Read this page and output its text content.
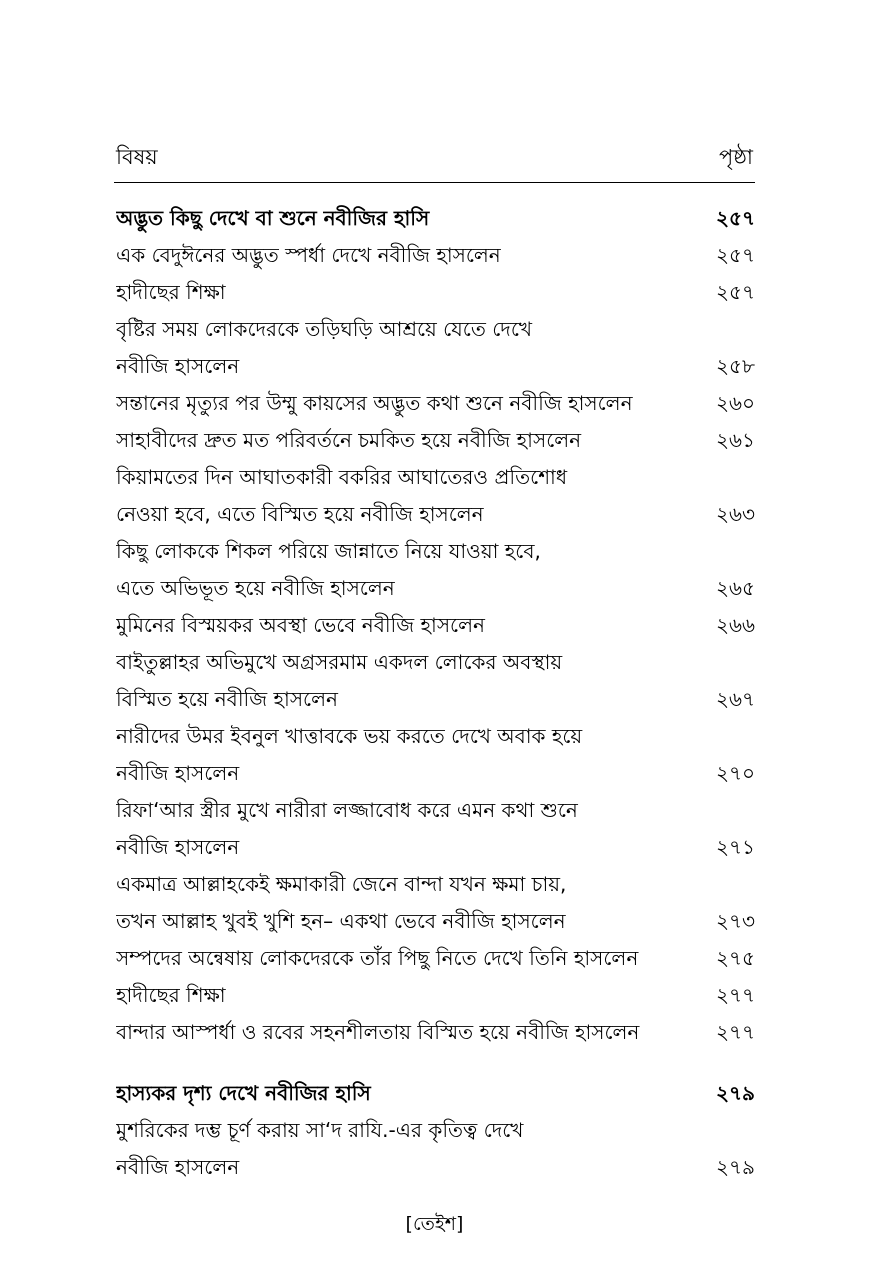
বিষয়	পৃষ্ঠা
অদ্ভুত কিছু দেখে বা শুনে নবীজির হাসি	২৫৭
এক বেদুঈনের অদ্ভুত স্পর্ধা দেখে নবীজি হাসলেন	২৫৭
হাদীছের শিক্ষা	২৫৭
বৃষ্টির সময় লোকদেরকে তড়িঘড়ি আশ্রয়ে যেতে দেখে
নবীজি হাসলেন	২৫৮
সন্তানের মৃত্যুর পর উম্মু কায়সের অদ্ভুত কথা শুনে নবীজি হাসলেন	২৬০
সাহাবীদের দ্রুত মত পরিবর্তনে চমকিত হয়ে নবীজি হাসলেন	২৬১
কিয়ামতের দিন আঘাতকারী বকরির আঘাতেরও প্রতিশোধ
নেওয়া হবে, এতে বিস্মিত হয়ে নবীজি হাসলেন	২৬৩
কিছু লোককে শিকল পরিয়ে জান্নাতে নিয়ে যাওয়া হবে,
এতে অভিভূত হয়ে নবীজি হাসলেন	২৬৫
মুমিনের বিস্ময়কর অবস্থা ভেবে নবীজি হাসলেন	২৬৬
বাইতুল্লাহর অভিমুখে অগ্রসরমাম একদল লোকের অবস্থায়
বিস্মিত হয়ে নবীজি হাসলেন	২৬৭
নারীদের উমর ইবনুল খাত্তাবকে ভয় করতে দেখে অবাক হয়ে
নবীজি হাসলেন	২৭০
রিফা‘আর স্ত্রীর মুখে নারীরা লজ্জাবোধ করে এমন কথা শুনে
নবীজি হাসলেন	২৭১
একমাত্র আল্লাহকেই ক্ষমাকারী জেনে বান্দা যখন ক্ষমা চায়,
তখন আল্লাহ খুবই খুশি হন– একথা ভেবে নবীজি হাসলেন	২৭৩
সম্পদের অন্বেষায় লোকদেরকে তাঁর পিছু নিতে দেখে তিনি হাসলেন	২৭৫
হাদীছের শিক্ষা	২৭৭
বান্দার আস্পর্ধা ও রবের সহনশীলতায় বিস্মিত হয়ে নবীজি হাসলেন	২৭৭
হাস্যকর দৃশ্য দেখে নবীজির হাসি	২৭৯
মুশরিকের দম্ভ চূর্ণ করায় সা‘দ রাযি.-এর কৃতিত্ব দেখে
নবীজি হাসলেন	২৭৯
[তেইশ]
